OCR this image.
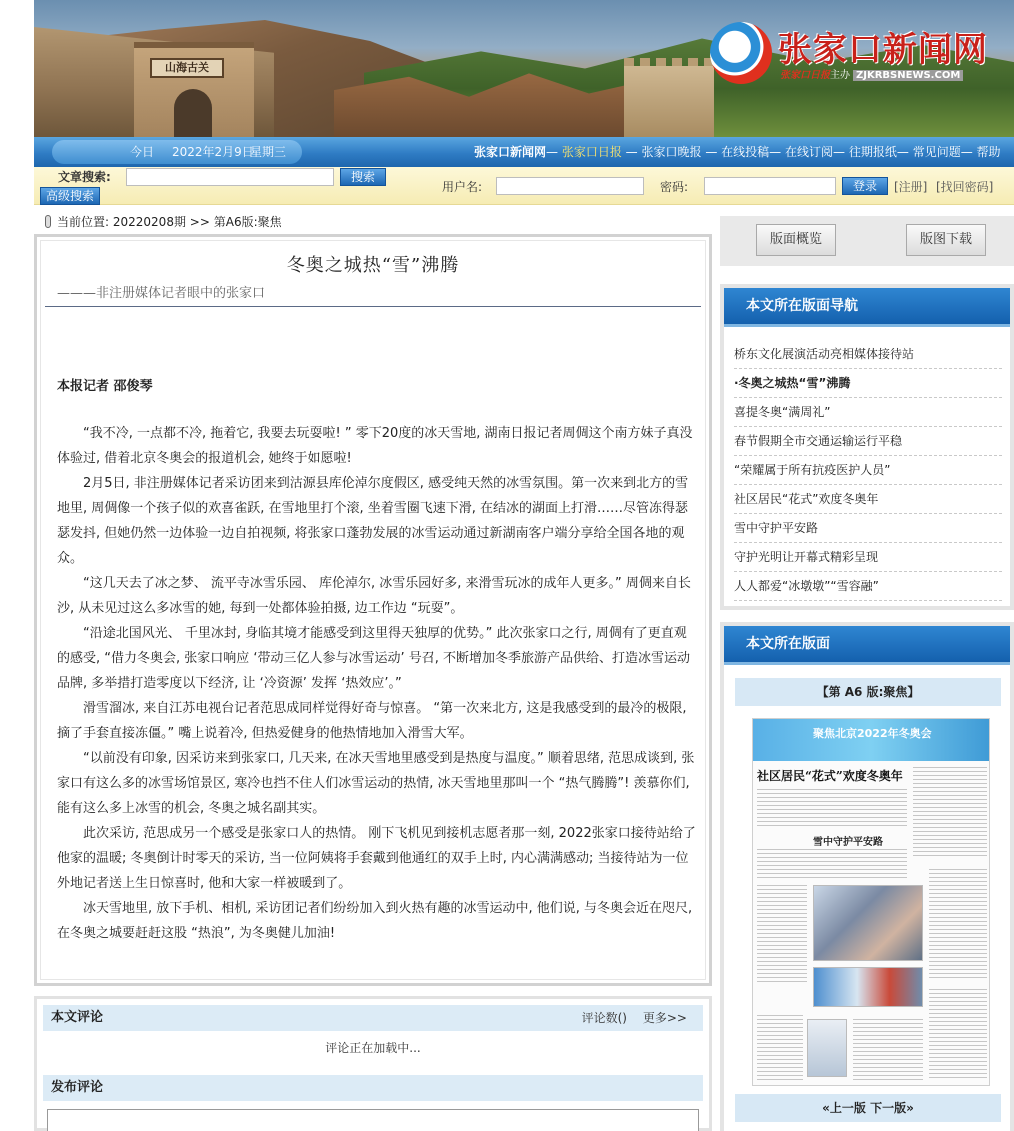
山海古关	张家口新闻网
张家口日报主办 ZJKRBSNEWS.COM
今日 2022年2月9日
星期三	张家口新闻网— 张家口日报 — 张家口晚报 — 在线投稿— 在线订阅— 往期报纸— 常见问题— 帮助
文章搜索:	搜索
高级搜索
用户名:	密码:	登录	[注册] [找回密码]
当前位置: 20220208期 >> 第A6版:聚焦
冬奥之城热“雪”沸腾
———非注册媒体记者眼中的张家口
本报记者 邵俊琴

“我不冷, 一点都不冷, 拖着它, 我要去玩耍啦! ” 零下20度的冰天雪地, 湖南日报记者周倜这个南方妹子真没体验过, 借着北京冬奥会的报道机会, 她终于如愿啦!

2月5日, 非注册媒体记者采访团来到沽源县库伦淖尔度假区, 感受纯天然的冰雪氛围。第一次来到北方的雪地里, 周倜像一个孩子似的欢喜雀跃, 在雪地里打个滚, 坐着雪圈飞速下滑, 在结冰的湖面上打滑……尽管冻得瑟瑟发抖, 但她仍然一边体验一边自拍视频, 将张家口蓬勃发展的冰雪运动通过新湖南客户端分享给全国各地的观众。

“这几天去了冰之梦、 流平寺冰雪乐园、 库伦淖尔, 冰雪乐园好多, 来滑雪玩冰的成年人更多。” 周倜来自长沙, 从未见过这么多冰雪的她, 每到一处都体验拍摄, 边工作边 “玩耍”。

“沿途北国风光、 千里冰封, 身临其境才能感受到这里得天独厚的优势。” 此次张家口之行, 周倜有了更直观的感受, “借力冬奥会, 张家口响应 ‘带动三亿人参与冰雪运动’ 号召, 不断增加冬季旅游产品供给、打造冰雪运动品牌, 多举措打造零度以下经济, 让 ‘冷资源’ 发挥 ‘热效应’。”

滑雪溜冰, 来自江苏电视台记者范思成同样觉得好奇与惊喜。 “第一次来北方, 这是我感受到的最冷的极限, 摘了手套直接冻僵。” 嘴上说着冷, 但热爱健身的他热情地加入滑雪大军。

“以前没有印象, 因采访来到张家口, 几天来, 在冰天雪地里感受到是热度与温度。” 顺着思绪, 范思成谈到, 张家口有这么多的冰雪场馆景区, 寒冷也挡不住人们冰雪运动的热情, 冰天雪地里那叫一个 “热气腾腾”! 羡慕你们, 能有这么多上冰雪的机会, 冬奥之城名副其实。

此次采访, 范思成另一个感受是张家口人的热情。 刚下飞机见到接机志愿者那一刻, 2022张家口接待站给了他家的温暖; 冬奥倒计时零天的采访, 当一位阿姨将手套戴到他通红的双手上时, 内心满满感动; 当接待站为一位外地记者送上生日惊喜时, 他和大家一样被暖到了。

冰天雪地里, 放下手机、相机, 采访团记者们纷纷加入到火热有趣的冰雪运动中, 他们说, 与冬奥会近在咫尺, 在冬奥之城要赶赶这股 “热浪”, 为冬奥健儿加油!

本文评论	评论数() 更多>>
评论正在加载中...
发布评论
版面概览	版图下载
本文所在版面导航
桥东文化展演活动亮相媒体接待站
·冬奥之城热“雪”沸腾
喜提冬奥“满周礼”
春节假期全市交通运输运行平稳
“荣耀属于所有抗疫医护人员”
社区居民“花式”欢度冬奥年
雪中守护平安路
守护光明让开幕式精彩呈现
人人都爱“冰墩墩”“雪容融”
本文所在版面
【第 A6 版:聚焦】
聚焦北京2022年冬奥会
社区居民“花式”欢度冬奥年
雪中守护平安路
«上一版 下一版»
